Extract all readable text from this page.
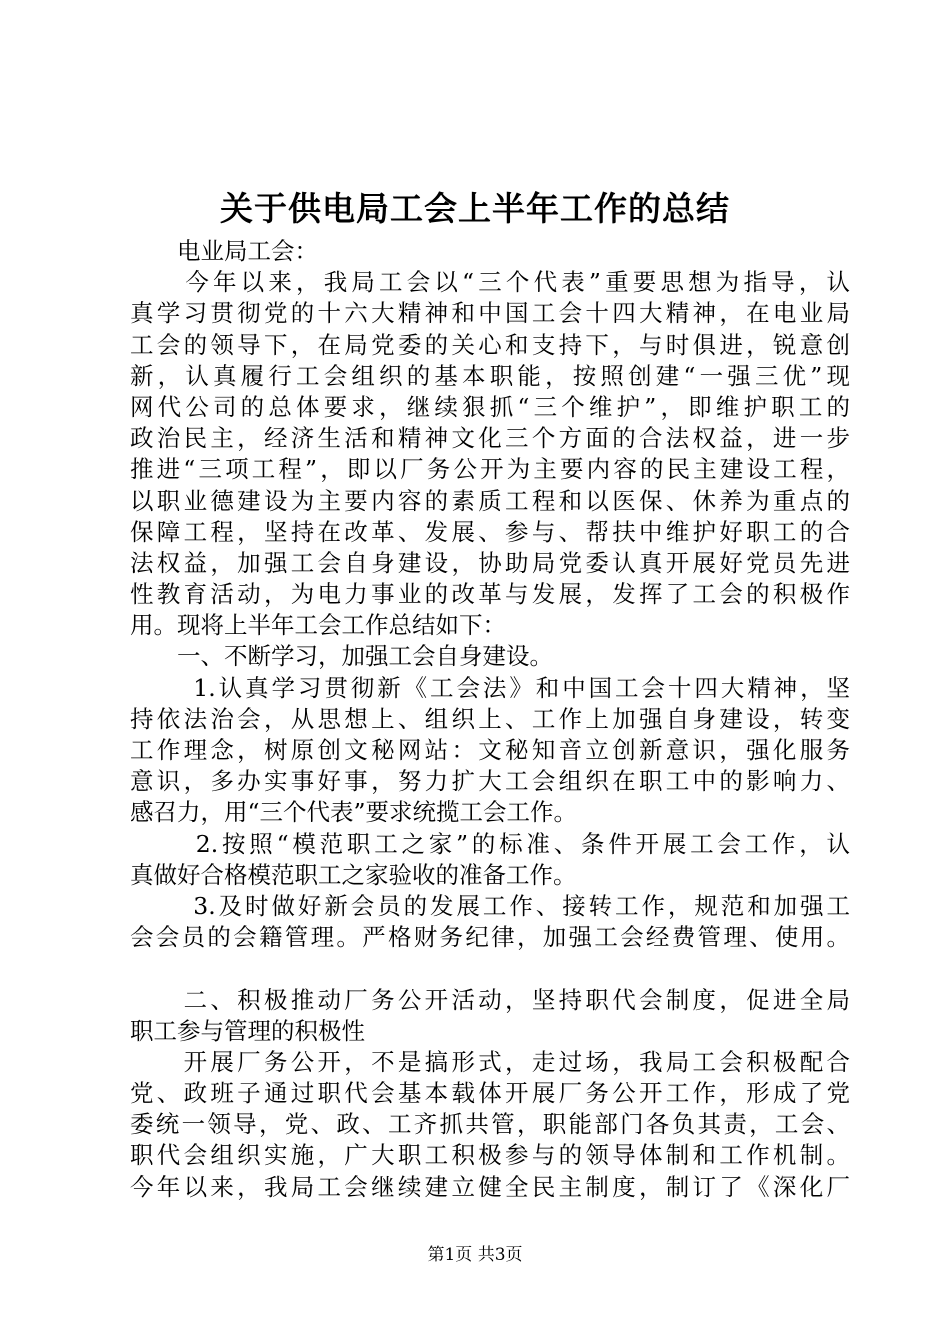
关于供电局工会上半年工作的总结
　　电业局工会：
　　今年以来，我局工会以“三个代表”重要思想为指导，认
真学习贯彻党的十六大精神和中国工会十四大精神，在电业局
工会的领导下，在局党委的关心和支持下，与时俱进，锐意创
新，认真履行工会组织的基本职能，按照创建“一强三优”现
网代公司的总体要求，继续狠抓“三个维护”，即维护职工的
政治民主，经济生活和精神文化三个方面的合法权益，进一步
推进“三项工程”，即以厂务公开为主要内容的民主建设工程，
以职业德建设为主要内容的素质工程和以医保、休养为重点的
保障工程，坚持在改革、发展、参与、帮扶中维护好职工的合
法权益，加强工会自身建设，协助局党委认真开展好党员先进
性教育活动，为电力事业的改革与发展，发挥了工会的积极作
用。现将上半年工会工作总结如下：
　　一、不断学习，加强工会自身建设。
　　 1.认真学习贯彻新《工会法》和中国工会十四大精神，坚
持依法治会，从思想上、组织上、工作上加强自身建设，转变
工作理念，树原创文秘网站：文秘知音立创新意识，强化服务
意识，多办实事好事，努力扩大工会组织在职工中的影响力、
感召力，用“三个代表”要求统揽工会工作。
　　 2.按照“模范职工之家”的标准、条件开展工会工作，认
真做好合格模范职工之家验收的准备工作。
　　 3.及时做好新会员的发展工作、接转工作，规范和加强工
会会员的会籍管理。严格财务纪律，加强工会经费管理、使用。
　　二、积极推动厂务公开活动，坚持职代会制度，促进全局
职工参与管理的积极性
　　开展厂务公开，不是搞形式，走过场，我局工会积极配合
党、政班子通过职代会基本载体开展厂务公开工作，形成了党
委统一领导，党、政、工齐抓共管，职能部门各负其责，工会、
职代会组织实施，广大职工积极参与的领导体制和工作机制。
今年以来，我局工会继续建立健全民主制度，制订了《深化厂
第1页 共3页
